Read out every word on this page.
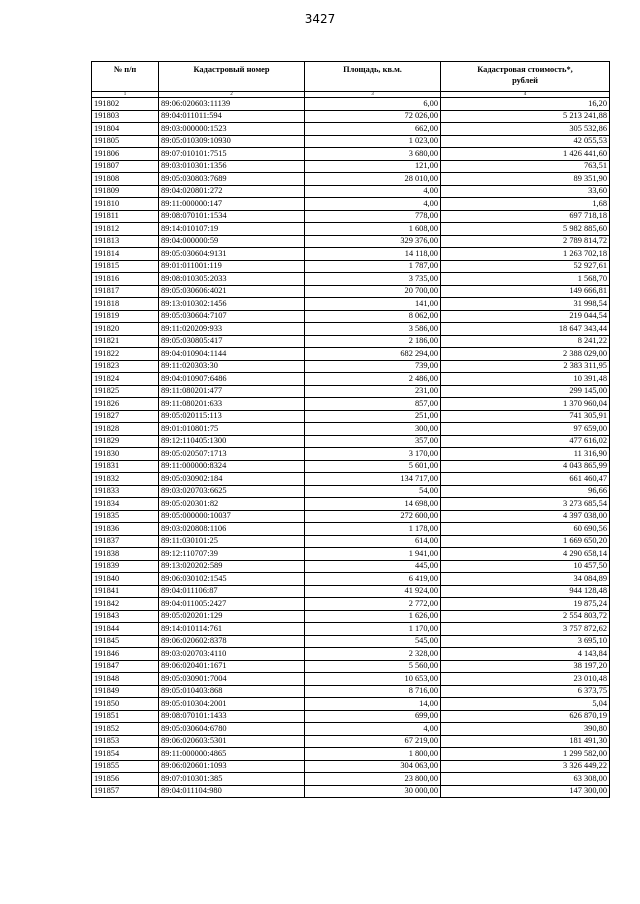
3427
№ п/п	Кадастровый номер	Площадь, кв.м.	Кадастровая стоимость*, рублей
1	2	3	4
191802	89:06:020603:11139	6,00	16,20
191803	89:04:011011:594	72 026,00	5 213 241,88
191804	89:03:000000:1523	662,00	305 532,86
191805	89:05:010309:10930	1 023,00	42 055,53
191806	89:07:010101:7515	3 680,00	1 426 441,60
191807	89:03:010301:1356	121,00	763,51
191808	89:05:030803:7689	28 010,00	89 351,90
191809	89:04:020801:272	4,00	33,60
191810	89:11:000000:147	4,00	1,68
191811	89:08:070101:1534	778,00	697 718,18
191812	89:14:010107:19	1 608,00	5 982 885,60
191813	89:04:000000:59	329 376,00	2 789 814,72
191814	89:05:030604:9131	14 118,00	1 263 702,18
191815	89:01:011001:119	1 787,00	52 927,61
191816	89:08:010305:2033	3 735,00	1 568,70
191817	89:05:030606:4021	20 700,00	149 666,81
191818	89:13:010302:1456	141,00	31 998,54
191819	89:05:030604:7107	8 062,00	219 044,54
191820	89:11:020209:933	3 586,00	18 647 343,44
191821	89:05:030805:417	2 186,00	8 241,22
191822	89:04:010904:1144	682 294,00	2 388 029,00
191823	89:11:020303:30	739,00	2 383 311,95
191824	89:04:010907:6486	2 486,00	10 391,48
191825	89:11:080201:477	231,00	299 145,00
191826	89:11:080201:633	857,00	1 370 960,04
191827	89:05:020115:113	251,00	741 305,91
191828	89:01:010801:75	300,00	97 659,00
191829	89:12:110405:1300	357,00	477 616,02
191830	89:05:020507:1713	3 170,00	11 316,90
191831	89:11:000000:8324	5 601,00	4 043 865,99
191832	89:05:030902:184	134 717,00	661 460,47
191833	89:03:020703:6625	54,00	96,66
191834	89:05:020301:82	14 698,00	3 273 685,54
191835	89:05:000000:10037	272 600,00	4 397 038,00
191836	89:03:020808:1106	1 178,00	60 690,56
191837	89:11:030101:25	614,00	1 669 650,20
191838	89:12:110707:39	1 941,00	4 290 658,14
191839	89:13:020202:589	445,00	10 457,50
191840	89:06:030102:1545	6 419,00	34 084,89
191841	89:04:011106:87	41 924,00	944 128,48
191842	89:04:011005:2427	2 772,00	19 875,24
191843	89:05:020201:129	1 626,00	2 554 803,72
191844	89:14:010114:761	1 170,00	3 757 872,62
191845	89:06:020602:8378	545,00	3 695,10
191846	89:03:020703:4110	2 328,00	4 143,84
191847	89:06:020401:1671	5 560,00	38 197,20
191848	89:05:030901:7004	10 653,00	23 010,48
191849	89:05:010403:868	8 716,00	6 373,75
191850	89:05:010304:2001	14,00	5,04
191851	89:08:070101:1433	699,00	626 870,19
191852	89:05:030604:6780	4,00	390,80
191853	89:06:020603:5301	67 219,00	181 491,30
191854	89:11:000000:4865	1 800,00	1 299 582,00
191855	89:06:020601:1093	304 063,00	3 326 449,22
191856	89:07:010301:385	23 800,00	63 308,00
191857	89:04:011104:980	30 000,00	147 300,00
